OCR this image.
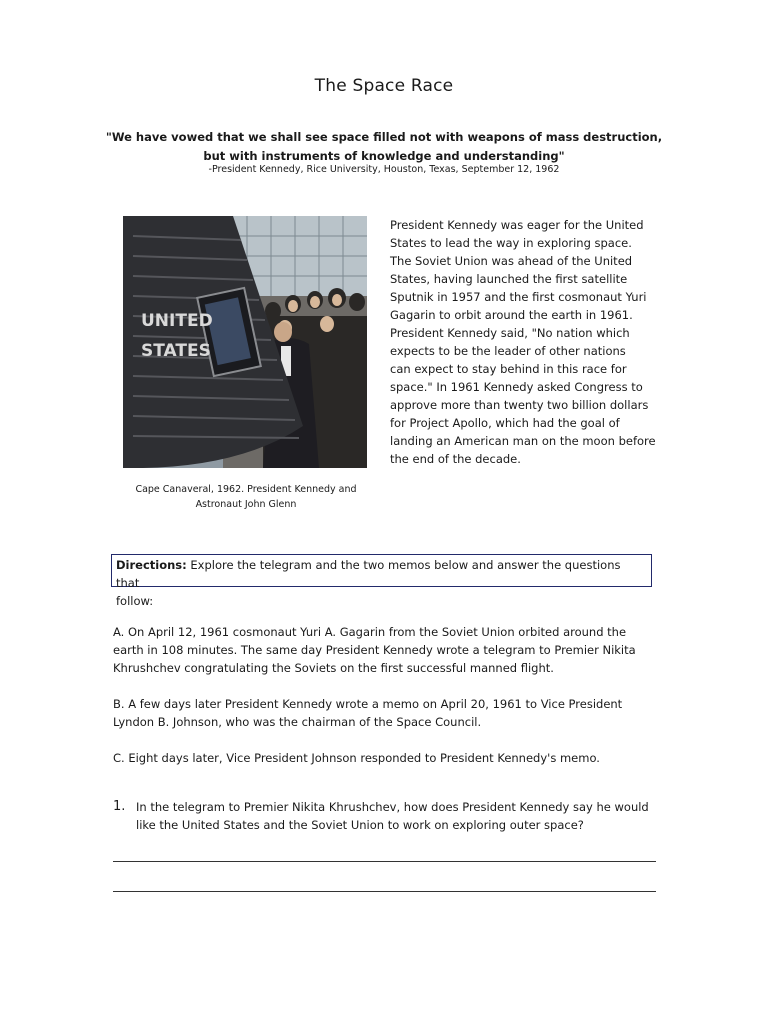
The Space Race
"We have vowed that we shall see space filled not with weapons of mass destruction,
but with instruments of knowledge and understanding"
-President Kennedy, Rice University, Houston, Texas, September 12, 1962
UNITED
STATES
Cape Canaveral, 1962. President Kennedy and
Astronaut John Glenn
President Kennedy was eager for the United
States to lead the way in exploring space.
The Soviet Union was ahead of the United
States, having launched the first satellite
Sputnik in 1957 and the first cosmonaut Yuri
Gagarin to orbit around the earth in 1961.
President Kennedy said, "No nation which
expects to be the leader of other nations
can expect to stay behind in this race for
space." In 1961 Kennedy asked Congress to
approve more than twenty two billion dollars
for Project Apollo, which had the goal of
landing an American man on the moon before
the end of the decade.
Directions: Explore the telegram and the two memos below and answer the questions that
follow:
A. On April 12, 1961 cosmonaut Yuri A. Gagarin from the Soviet Union orbited around the
earth in 108 minutes. The same day President Kennedy wrote a telegram to Premier Nikita
Khrushchev congratulating the Soviets on the first successful manned flight.
B. A few days later President Kennedy wrote a memo on April 20, 1961 to Vice President
Lyndon B. Johnson, who was the chairman of the Space Council.
C. Eight days later, Vice President Johnson responded to President Kennedy's memo.
1. In the telegram to Premier Nikita Khrushchev, how does President Kennedy say he would
like the United States and the Soviet Union to work on exploring outer space?
